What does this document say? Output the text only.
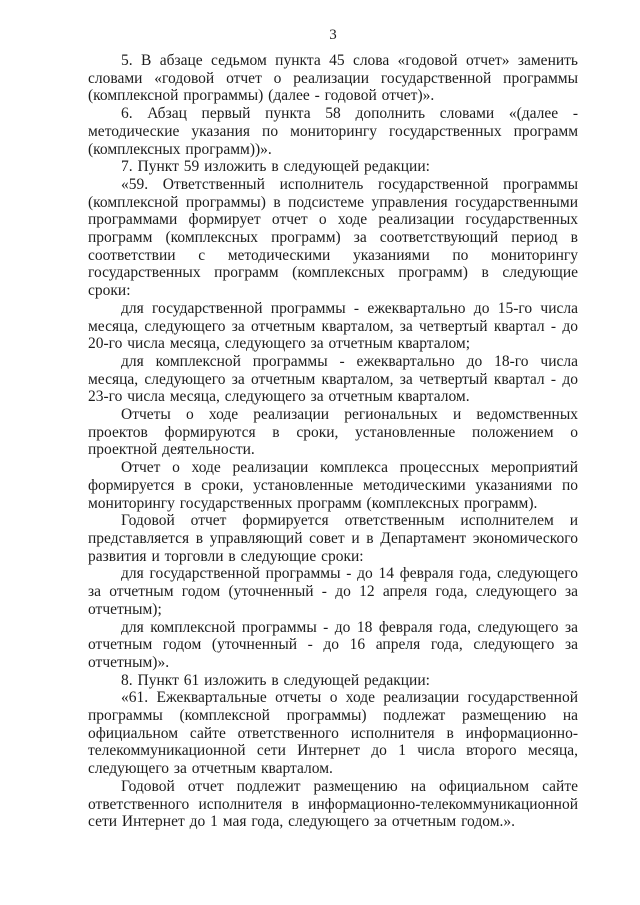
3

5. В абзаце седьмом пункта 45 слова «годовой отчет» заменить словами «годовой отчет о реализации государственной программы (комплексной программы) (далее - годовой отчет)».

6. Абзац первый пункта 58 дополнить словами «(далее - методические указания по мониторингу государственных программ (комплексных программ))».

7. Пункт 59 изложить в следующей редакции:

«59. Ответственный исполнитель государственной программы (комплексной программы) в подсистеме управления государственными программами формирует отчет о ходе реализации государственных программ (комплексных программ) за соответствующий период в соответствии с методическими указаниями по мониторингу государственных программ (комплексных программ) в следующие сроки:

для государственной программы - ежеквартально до 15-го числа месяца, следующего за отчетным кварталом, за четвертый квартал - до 20-го числа месяца, следующего за отчетным кварталом;

для комплексной программы - ежеквартально до 18-го числа месяца, следующего за отчетным кварталом, за четвертый квартал - до 23-го числа месяца, следующего за отчетным кварталом.

Отчеты о ходе реализации региональных и ведомственных проектов формируются в сроки, установленные положением о проектной деятельности.

Отчет о ходе реализации комплекса процессных мероприятий формируется в сроки, установленные методическими указаниями по мониторингу государственных программ (комплексных программ).

Годовой отчет формируется ответственным исполнителем и представляется в управляющий совет и в Департамент экономического развития и торговли в следующие сроки:

для государственной программы - до 14 февраля года, следующего за отчетным годом (уточненный - до 12 апреля года, следующего за отчетным);

для комплексной программы - до 18 февраля года, следующего за отчетным годом (уточненный - до 16 апреля года, следующего за отчетным)».

8. Пункт 61 изложить в следующей редакции:

«61. Ежеквартальные отчеты о ходе реализации государственной программы (комплексной программы) подлежат размещению на официальном сайте ответственного исполнителя в информационно-телекоммуникационной сети Интернет до 1 числа второго месяца, следующего за отчетным кварталом.

Годовой отчет подлежит размещению на официальном сайте ответственного исполнителя в информационно-телекоммуникационной сети Интернет до 1 мая года, следующего за отчетным годом.».
